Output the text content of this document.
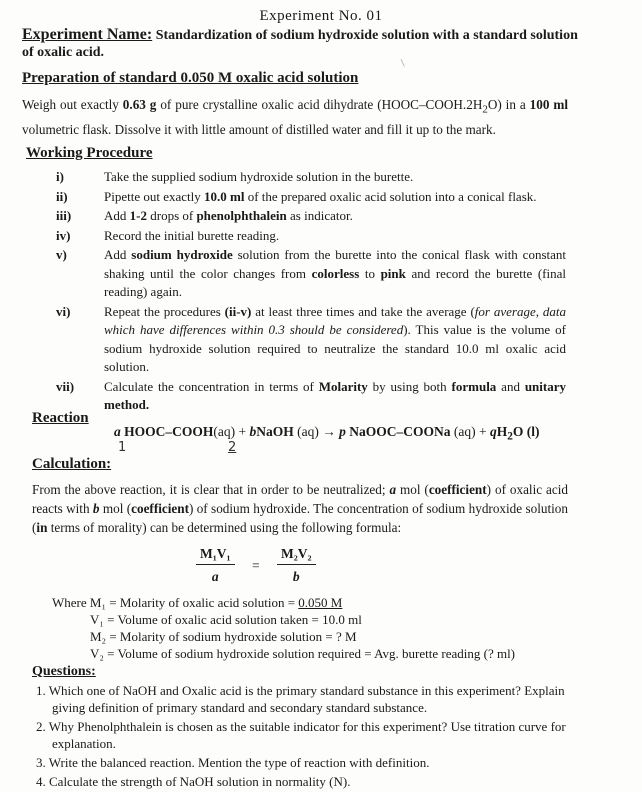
Experiment No. 01
Experiment Name: Standardization of sodium hydroxide solution with a standard solution of oxalic acid.
Preparation of standard 0.050 M oxalic acid solution
Weigh out exactly 0.63 g of pure crystalline oxalic acid dihydrate $(HOOC-COOH.2H_2O)$ in a 100 ml volumetric flask. Dissolve it with little amount of distilled water and fill it up to the mark.
Working Procedure
i)	Take the supplied sodium hydroxide solution in the burette.
ii)	Pipette out exactly 10.0 ml of the prepared oxalic acid solution into a conical flask.
iii)	Add 1-2 drops of phenolphthalein as indicator.
iv)	Record the initial burette reading.
v)	Add sodium hydroxide solution from the burette into the conical flask with constant shaking until the color changes from colorless to pink and record the burette (final reading) again.
vi)	Repeat the procedures (ii-v) at least three times and take the average (for average, data which have differences within 0.3 should be considered). This value is the volume of sodium hydroxide solution required to neutralize the standard 10.0 ml oxalic acid solution.
vii)	Calculate the concentration in terms of Molarity by using both formula and unitary method.
Reaction
a HOOC–COOH(aq) + bNaOH (aq) → p NaOOC–COONa $(aq) + qH_2O$ (l)
1	2
Calculation:
From the above reaction, it is clear that in order to be neutralized; a mol (coefficient) of oxalic acid reacts with b mol (coefficient) of sodium hydroxide. The concentration of sodium hydroxide solution (in terms of morality) can be determined using the following formula:
$\frac{\text{M₁V₁}}{a} = \frac{\text{M₂V₂}}{b}$
Where M₁ = Molarity of oxalic acid solution = 0.050 M
V₁ = Volume of oxalic acid solution taken = 10.0 ml
M₂ = Molarity of sodium hydroxide solution = ? M
V₂ = Volume of sodium hydroxide solution required = Avg. burette reading (? ml)
Questions:
1. Which one of NaOH and Oxalic acid is the primary standard substance in this experiment? Explain giving definition of primary standard and secondary standard substance.
2. Why Phenolphthalein is chosen as the suitable indicator for this experiment? Use titration curve for explanation.
3. Write the balanced reaction. Mention the type of reaction with definition.
4. Calculate the strength of NaOH solution in normality (N).
